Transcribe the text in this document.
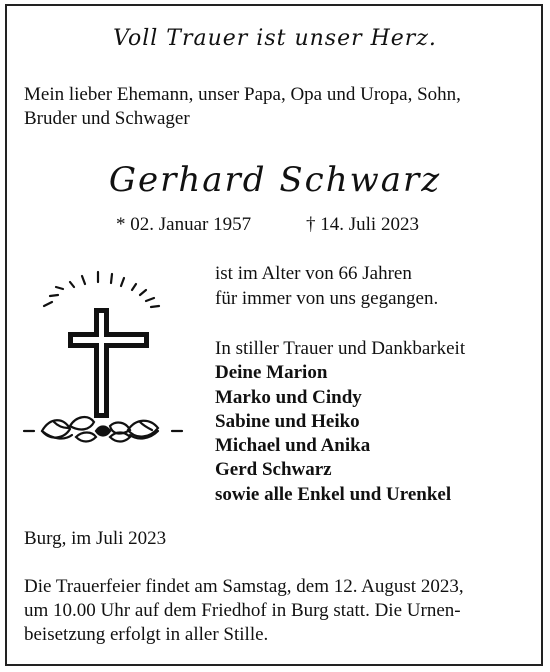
Voll Trauer ist unser Herz.
Mein lieber Ehemann, unser Papa, Opa und Uropa, Sohn,
Bruder und Schwager
Gerhard Schwarz
* 02. Januar 1957	† 14. Juli 2023
ist im Alter von 66 Jahren
für immer von uns gegangen.
In stiller Trauer und Dankbarkeit
Deine Marion
Marko und Cindy
Sabine und Heiko
Michael und Anika
Gerd Schwarz
sowie alle Enkel und Urenkel
Burg, im Juli 2023
Die Trauerfeier findet am Samstag, dem 12. August 2023,
um 10.00 Uhr auf dem Friedhof in Burg statt. Die Urnen-
beisetzung erfolgt in aller Stille.
